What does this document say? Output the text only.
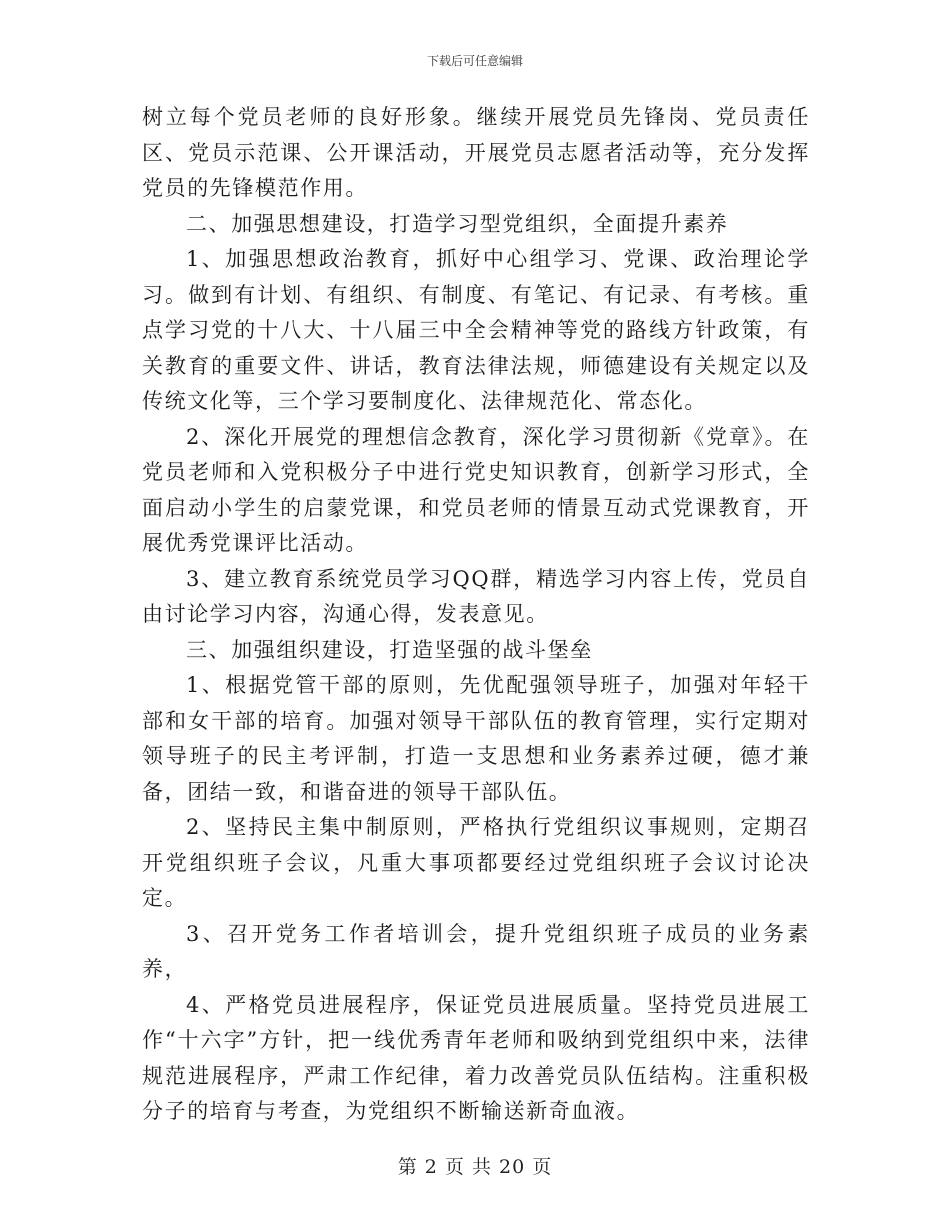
下载后可任意编辑

树立每个党员老师的良好形象。继续开展党员先锋岗、党员责任区、党员示范课、公开课活动，开展党员志愿者活动等，充分发挥党员的先锋模范作用。

二、加强思想建设，打造学习型党组织，全面提升素养

1、加强思想政治教育，抓好中心组学习、党课、政治理论学习。做到有计划、有组织、有制度、有笔记、有记录、有考核。重点学习党的十八大、十八届三中全会精神等党的路线方针政策，有关教育的重要文件、讲话，教育法律法规，师德建设有关规定以及传统文化等，三个学习要制度化、法律规范化、常态化。

2、深化开展党的理想信念教育，深化学习贯彻新《党章》。在党员老师和入党积极分子中进行党史知识教育，创新学习形式，全面启动小学生的启蒙党课，和党员老师的情景互动式党课教育，开展优秀党课评比活动。

3、建立教育系统党员学习QQ群，精选学习内容上传，党员自由讨论学习内容，沟通心得，发表意见。

三、加强组织建设，打造坚强的战斗堡垒

1、根据党管干部的原则，先优配强领导班子，加强对年轻干部和女干部的培育。加强对领导干部队伍的教育管理，实行定期对领导班子的民主考评制，打造一支思想和业务素养过硬，德才兼备，团结一致，和谐奋进的领导干部队伍。

2、坚持民主集中制原则，严格执行党组织议事规则，定期召开党组织班子会议，凡重大事项都要经过党组织班子会议讨论决定。

3、召开党务工作者培训会，提升党组织班子成员的业务素养，

4、严格党员进展程序，保证党员进展质量。坚持党员进展工作“十六字”方针，把一线优秀青年老师和吸纳到党组织中来，法律规范进展程序，严肃工作纪律，着力改善党员队伍结构。注重积极分子的培育与考查，为党组织不断输送新奇血液。

第 2 页 共 20 页
